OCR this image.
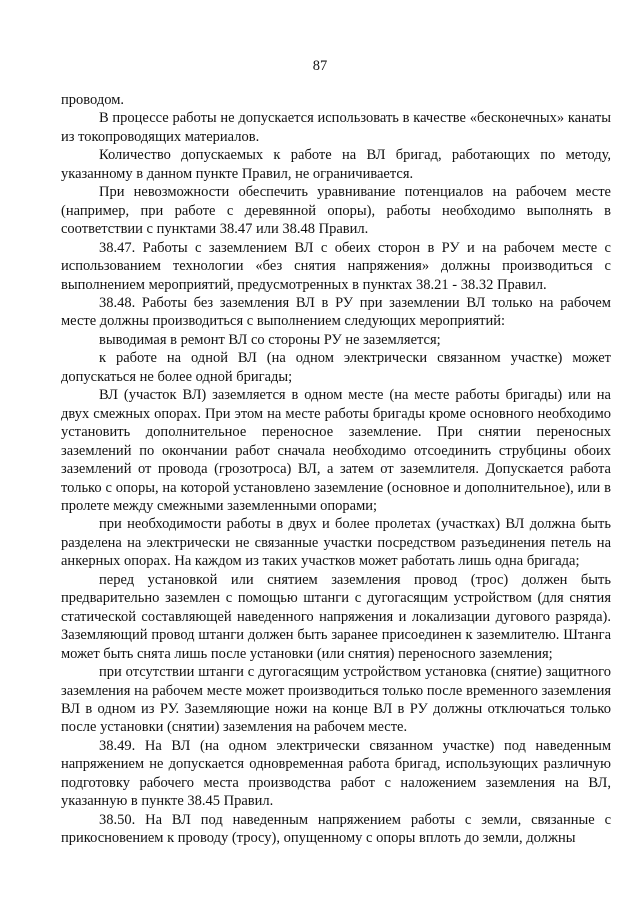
87

проводом.

В процессе работы не допускается использовать в качестве «бесконечных» канаты из токопроводящих материалов.

Количество допускаемых к работе на ВЛ бригад, работающих по методу, указанному в данном пункте Правил, не ограничивается.

При невозможности обеспечить уравнивание потенциалов на рабочем месте (например, при работе с деревянной опоры), работы необходимо выполнять в соответствии с пунктами 38.47 или 38.48 Правил.

38.47. Работы с заземлением ВЛ с обеих сторон в РУ и на рабочем месте с использованием технологии «без снятия напряжения» должны производиться с выполнением мероприятий, предусмотренных в пунктах 38.21 - 38.32 Правил.

38.48. Работы без заземления ВЛ в РУ при заземлении ВЛ только на рабочем месте должны производиться с выполнением следующих мероприятий:

выводимая в ремонт ВЛ со стороны РУ не заземляется;

к работе на одной ВЛ (на одном электрически связанном участке) может допускаться не более одной бригады;

ВЛ (участок ВЛ) заземляется в одном месте (на месте работы бригады) или на двух смежных опорах. При этом на месте работы бригады кроме основного необходимо установить дополнительное переносное заземление. При снятии переносных заземлений по окончании работ сначала необходимо отсоединить струбцины обоих заземлений от провода (грозотроса) ВЛ, а затем от заземлителя. Допускается работа только с опоры, на которой установлено заземление (основное и дополнительное), или в пролете между смежными заземленными опорами;

при необходимости работы в двух и более пролетах (участках) ВЛ должна быть разделена на электрически не связанные участки посредством разъединения петель на анкерных опорах. На каждом из таких участков может работать лишь одна бригада;

перед установкой или снятием заземления провод (трос) должен быть предварительно заземлен с помощью штанги с дугогасящим устройством (для снятия статической составляющей наведенного напряжения и локализации дугового разряда). Заземляющий провод штанги должен быть заранее присоединен к заземлителю. Штанга может быть снята лишь после установки (или снятия) переносного заземления;

при отсутствии штанги с дугогасящим устройством установка (снятие) защитного заземления на рабочем месте может производиться только после временного заземления ВЛ в одном из РУ. Заземляющие ножи на конце ВЛ в РУ должны отключаться только после установки (снятии) заземления на рабочем месте.

38.49. На ВЛ (на одном электрически связанном участке) под наведенным напряжением не допускается одновременная работа бригад, использующих различную подготовку рабочего места производства работ с наложением заземления на ВЛ, указанную в пункте 38.45 Правил.

38.50. На ВЛ под наведенным напряжением работы с земли, связанные с прикосновением к проводу (тросу), опущенному с опоры вплоть до земли, должны
